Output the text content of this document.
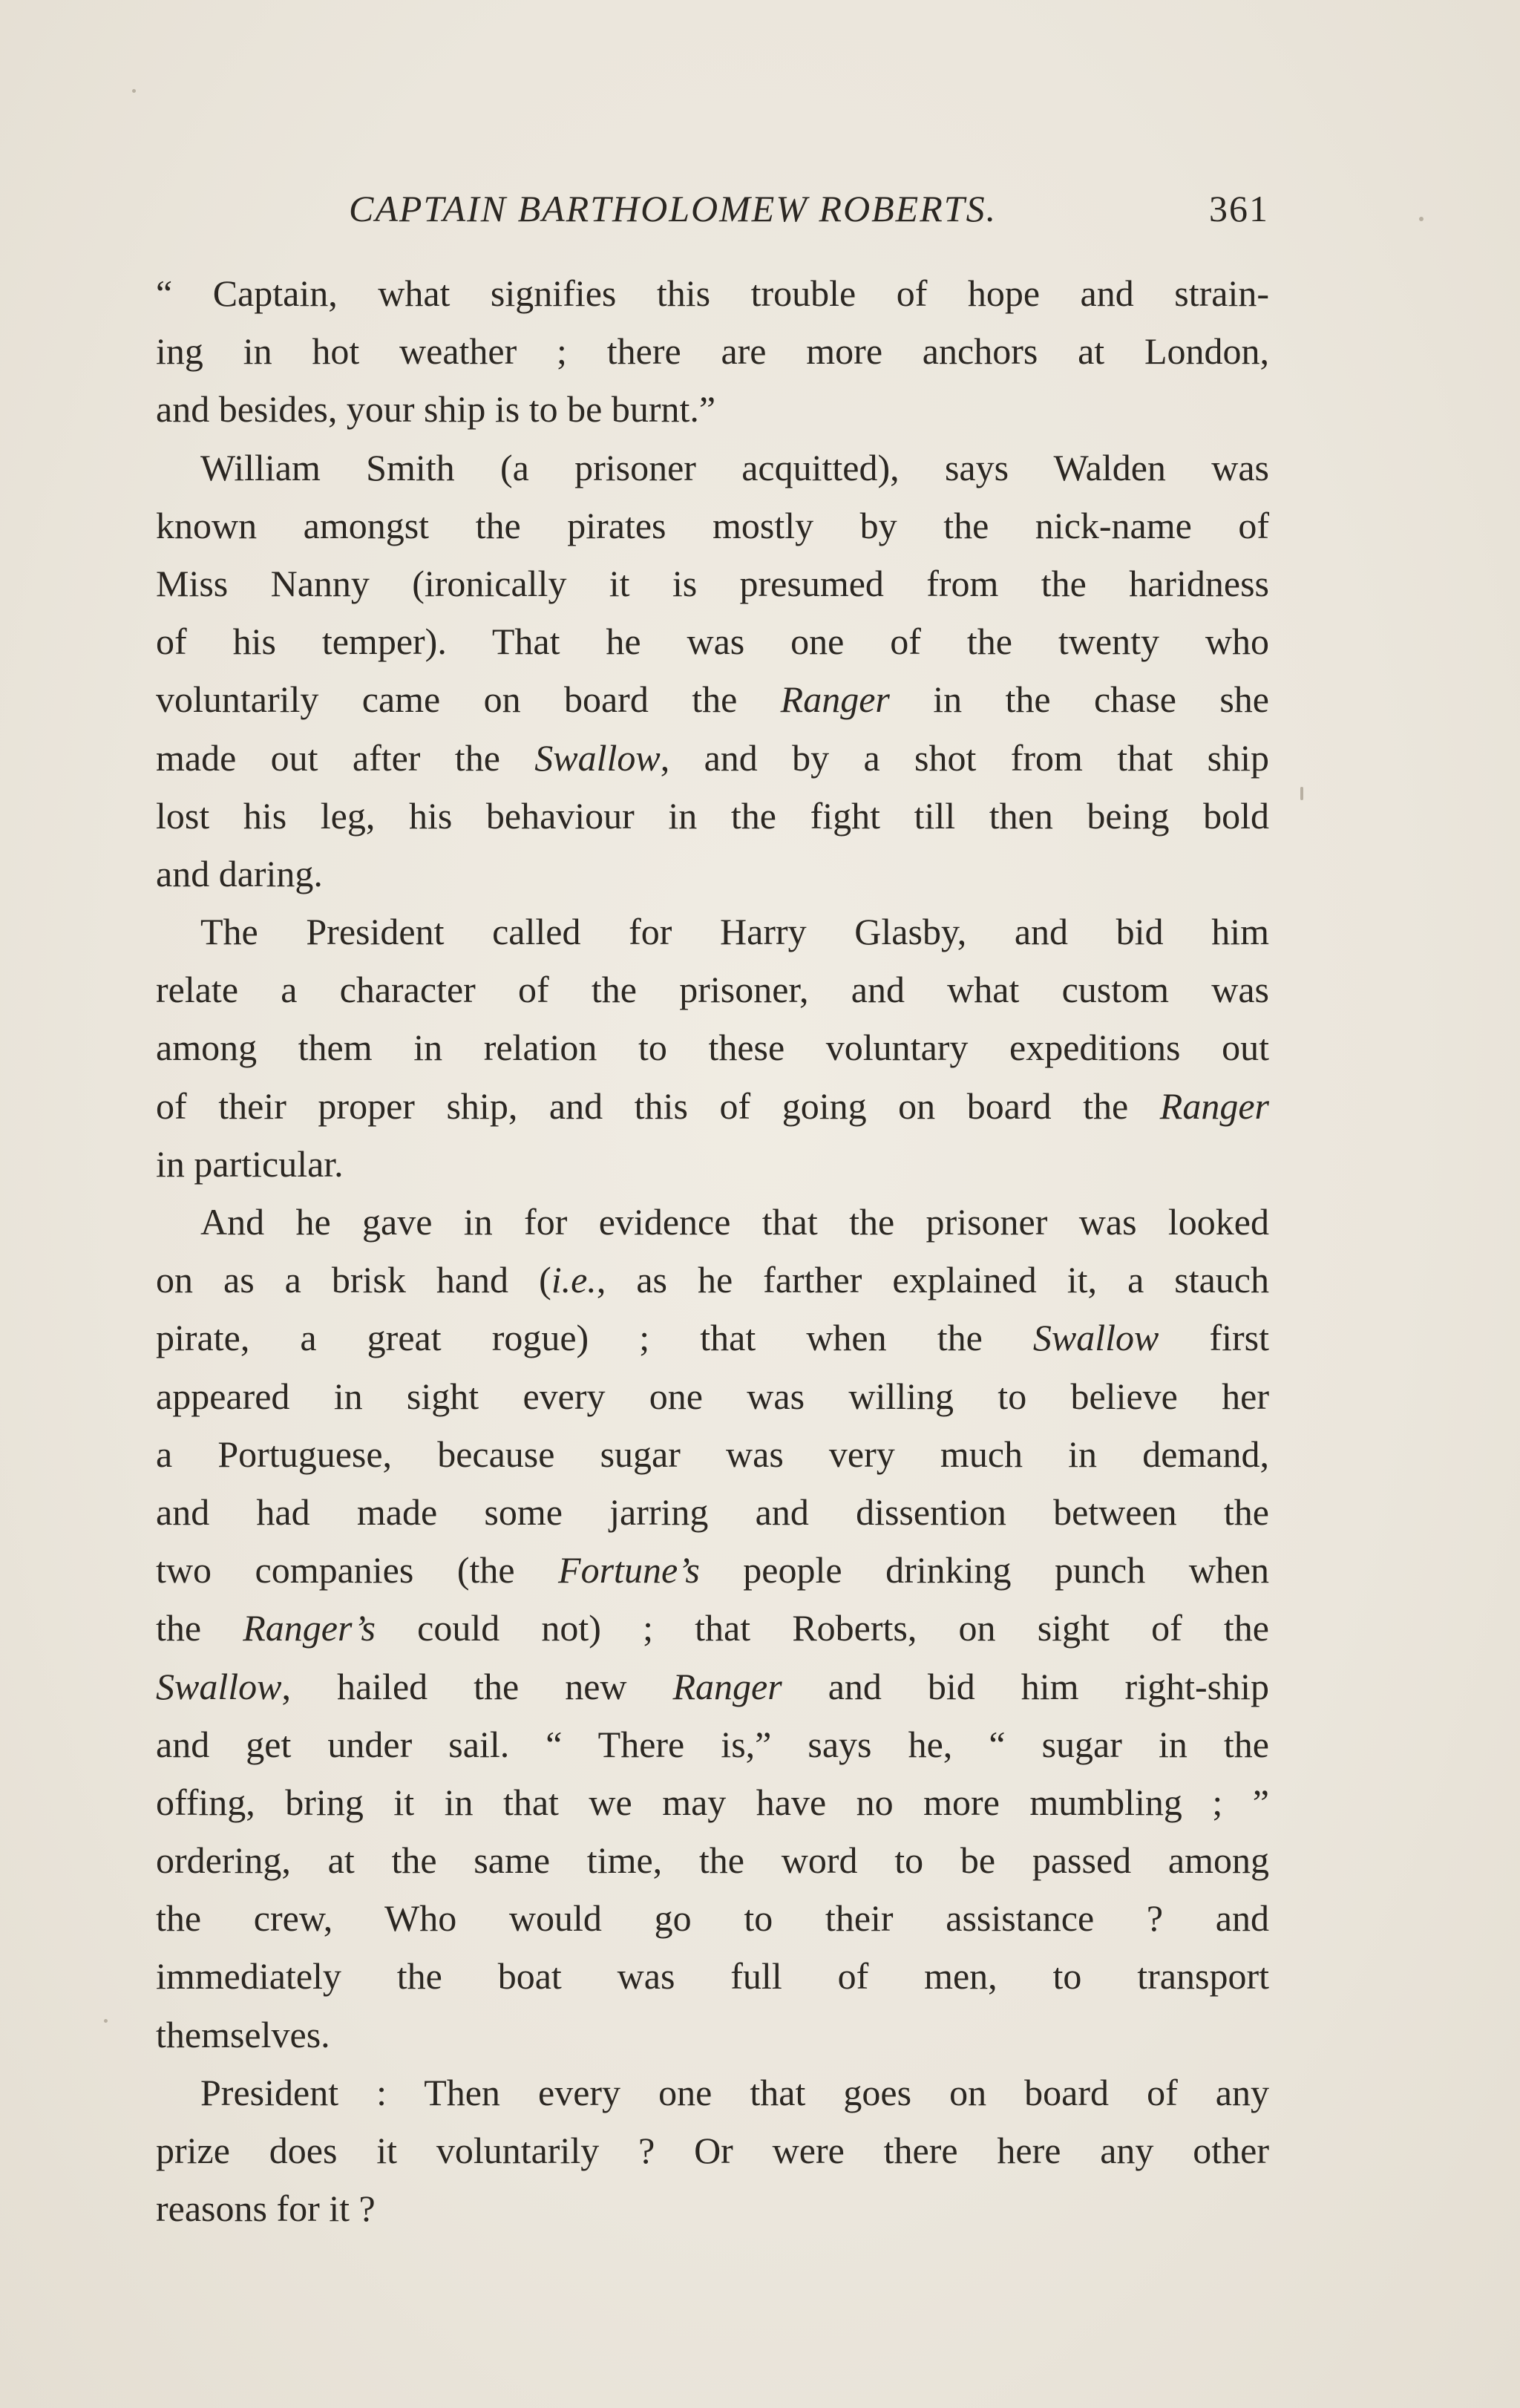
CAPTAIN BARTHOLOMEW ROBERTS.	361
“ Captain, what signifies this trouble of hope and strain-
ing in hot weather ; there are more anchors at London,
and besides, your ship is to be burnt.”
William Smith (a prisoner acquitted), says Walden was
known amongst the pirates mostly by the nick-name of
Miss Nanny (ironically it is presumed from the haridness
of his temper). That he was one of the twenty who
voluntarily came on board the Ranger in the chase she
made out after the Swallow, and by a shot from that ship
lost his leg, his behaviour in the fight till then being bold
and daring.
The President called for Harry Glasby, and bid him
relate a character of the prisoner, and what custom was
among them in relation to these voluntary expeditions out
of their proper ship, and this of going on board the Ranger
in particular.
And he gave in for evidence that the prisoner was looked
on as a brisk hand (i.e., as he farther explained it, a stauch
pirate, a great rogue) ; that when the Swallow first
appeared in sight every one was willing to believe her
a Portuguese, because sugar was very much in demand,
and had made some jarring and dissention between the
two companies (the Fortune’s people drinking punch when
the Ranger’s could not) ; that Roberts, on sight of the
Swallow, hailed the new Ranger and bid him right-ship
and get under sail. “ There is,” says he, “ sugar in the
offing, bring it in that we may have no more mumbling ; ”
ordering, at the same time, the word to be passed among
the crew, Who would go to their assistance ? and
immediately the boat was full of men, to transport
themselves.
President : Then every one that goes on board of any
prize does it voluntarily ? Or were there here any other
reasons for it ?
